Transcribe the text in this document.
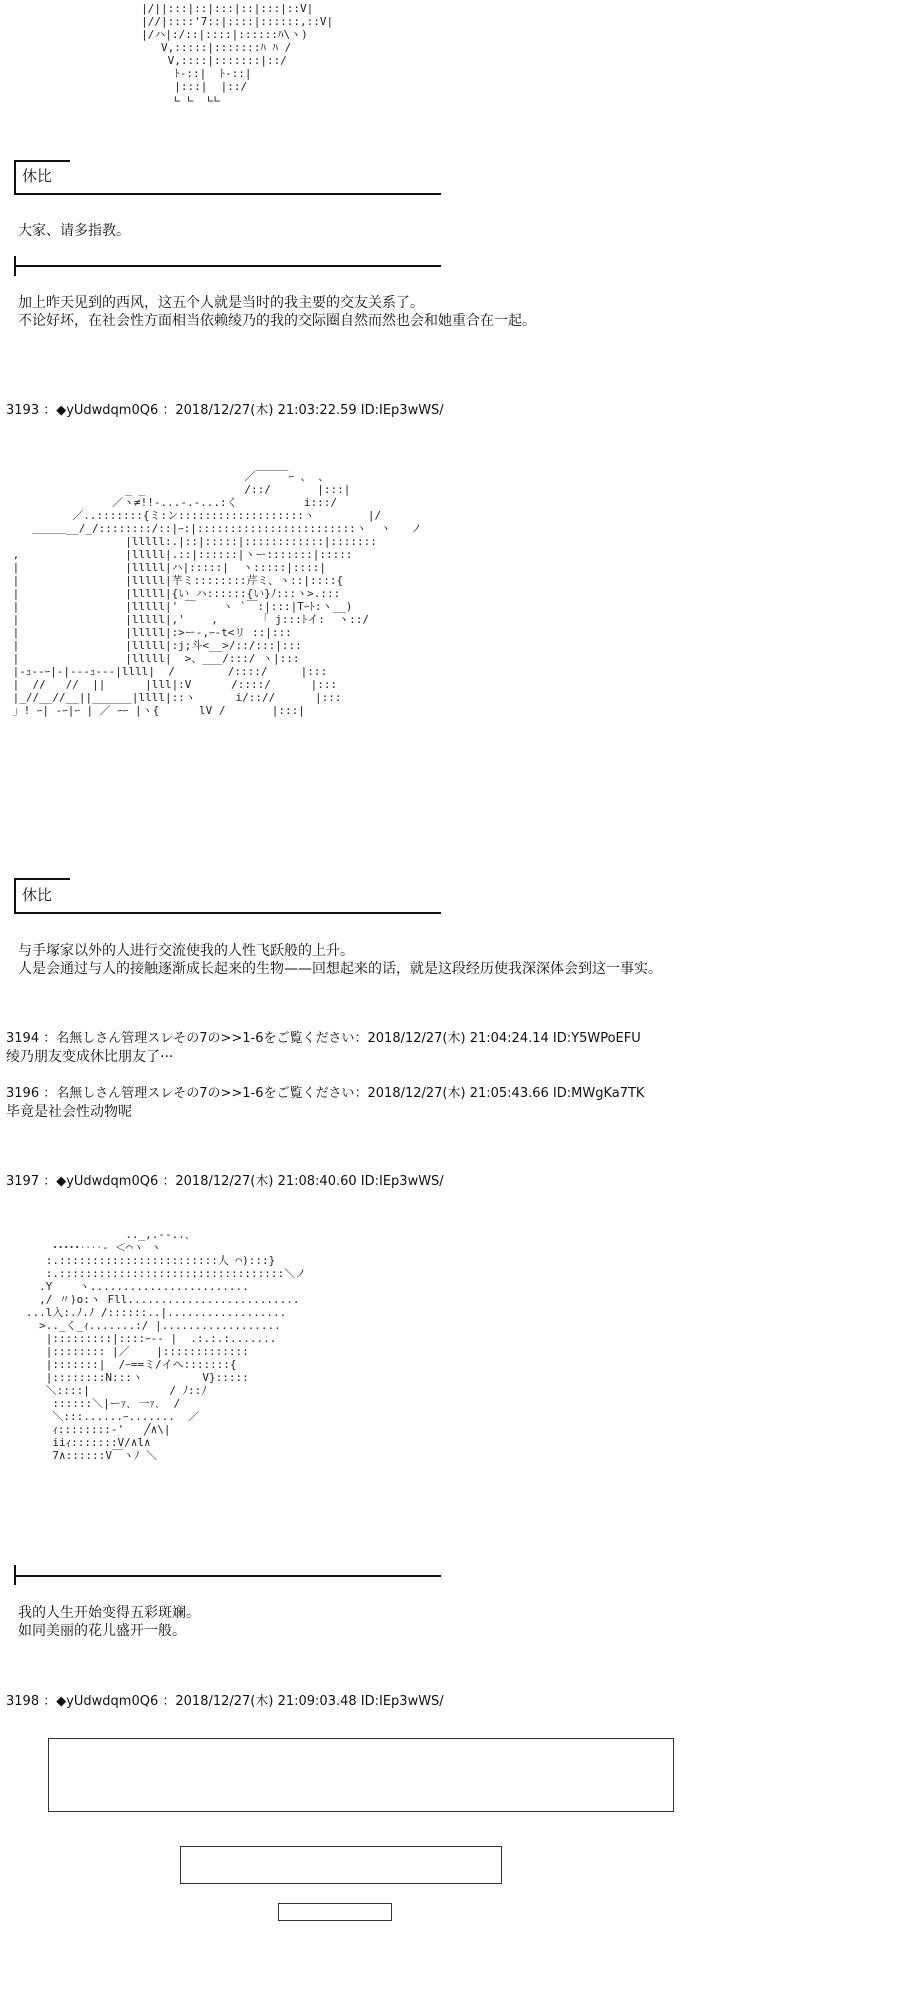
|/||:::|::|:::|::|:::|::V|
|//|::::'7::|::::|::::::,::V|
|/ハ|:/::|::::|::::::ﾊ\ヽ)
V,:::::|:::::::ﾊ ﾊ /
V,::::|:::::::|::/
ﾄ-::|  ﾄ-::|
|:::|  |::/
∟ ∟  ∟∟
休比
大家、请多指教。
加上昨天见到的西风，这五个人就是当时的我主要的交友关系了。
不论好坏，在社会性方面相当依赖绫乃的我的交际圈自然而然也会和她重合在一起。
3193 ：◆yUdwdqm0Q6 ：2018/12/27(木) 21:03:22.59 ID:IEp3wWS/
／￣￣￣ｰ 、 、
_ _               /::/       |:::|
／ヽ≠!!-...-.-...:く          i:::/
／..:::::::{ミ:ン:::::::::::::::::::ヽ        |/
＿＿＿__/_/::::::::/::|ｰ:|::::::::::::::::::::::::ヽ  ヽ   ノ
|lllll:.|::|:::::|::::::::::::|:::::::
,                |lllll|.::|::::::|ヽー:::::::|:::::
|                |lllll|ハ|:::::|  ヽ:::::|::::|
|                |lllll|芊ミ::::::::芹ミ、ヽ::|::::{
|                |lllll|{い ハ::::::{い}ﾉ:::ヽ>.:::
|                |lllll|' ￣    ヽ `￣:|:::|Tｰﾄ:ヽ__)
|                |lllll|,'    ,      「 j:::ﾄイ:  ヽ::/
|                |lllll|:>ー-,ｰ-t<リ ::|:::
|                |lllll|:j;斗<__>/::/:::|:::
|                |lllll|  >、___/:::/ ヽ|:::
|-ｭ--ｰ|-|---ｭ---|llll|  /        /::::/     |:::
|  //   //  ||      |lll|:V      /::::/      |:::
|_//__//__||______|llll|::ヽ      i/:://      |:::
」! ｰ| -ｰ|ｰ | ／ ｰｰ |ヽ{      lV /       |:::|
休比
与手塚家以外的人进行交流使我的人性飞跃般的上升。
人是会通过与人的接触逐渐成长起来的生物——回想起来的话，就是这段经历使我深深体会到这一事实。
3194 ：名無しさん管理スレその7の>>1-6をご覧ください：2018/12/27(木) 21:04:24.14 ID:Y5WPoEFU
绫乃朋友变成休比朋友了···
3196 ：名無しさん管理スレその7の>>1-6をご覧ください：2018/12/27(木) 21:05:43.66 ID:MWgKa7TK
毕竟是社会性动物呢
3197 ：◆yUdwdqm0Q6 ：2018/12/27(木) 21:08:40.60 ID:IEp3wWS/
.._,.-‐..､
･････‥‥- ＜⌒ヽ ヽ
:.::::::::::::::::::::::::人 ⌒):::}
:.::::::::::::::::::::::::::::::::::＼ノ
.Y    ヽ........................
,/ 〃)o:ヽ Fll..........................
...l入:.ﾉ.ﾉ /::::::..|..................
>.._く_ｨ.......:/ |..................
|:::::::::|::::ｰ-- |  .:.:.:.......
|:::::::: |／    |:::::::::::::
|:::::::|  /ｰ==ミ/イヘ:::::::{
|::::::::N:::ヽ         V}:::::
＼::::|            / ﾉ::ﾉ
::::::＼|ーｧ､ 一ｧ､  /
＼:::......ｰ.......  ／
ｨ::::::::-'   ╱∧\|
iiｨ:::::::V/∧l∧
7∧::::::V￣ヽﾉ ＼
我的人生开始变得五彩斑斓。
如同美丽的花儿盛开一般。
3198 ：◆yUdwdqm0Q6 ：2018/12/27(木) 21:09:03.48 ID:IEp3wWS/
